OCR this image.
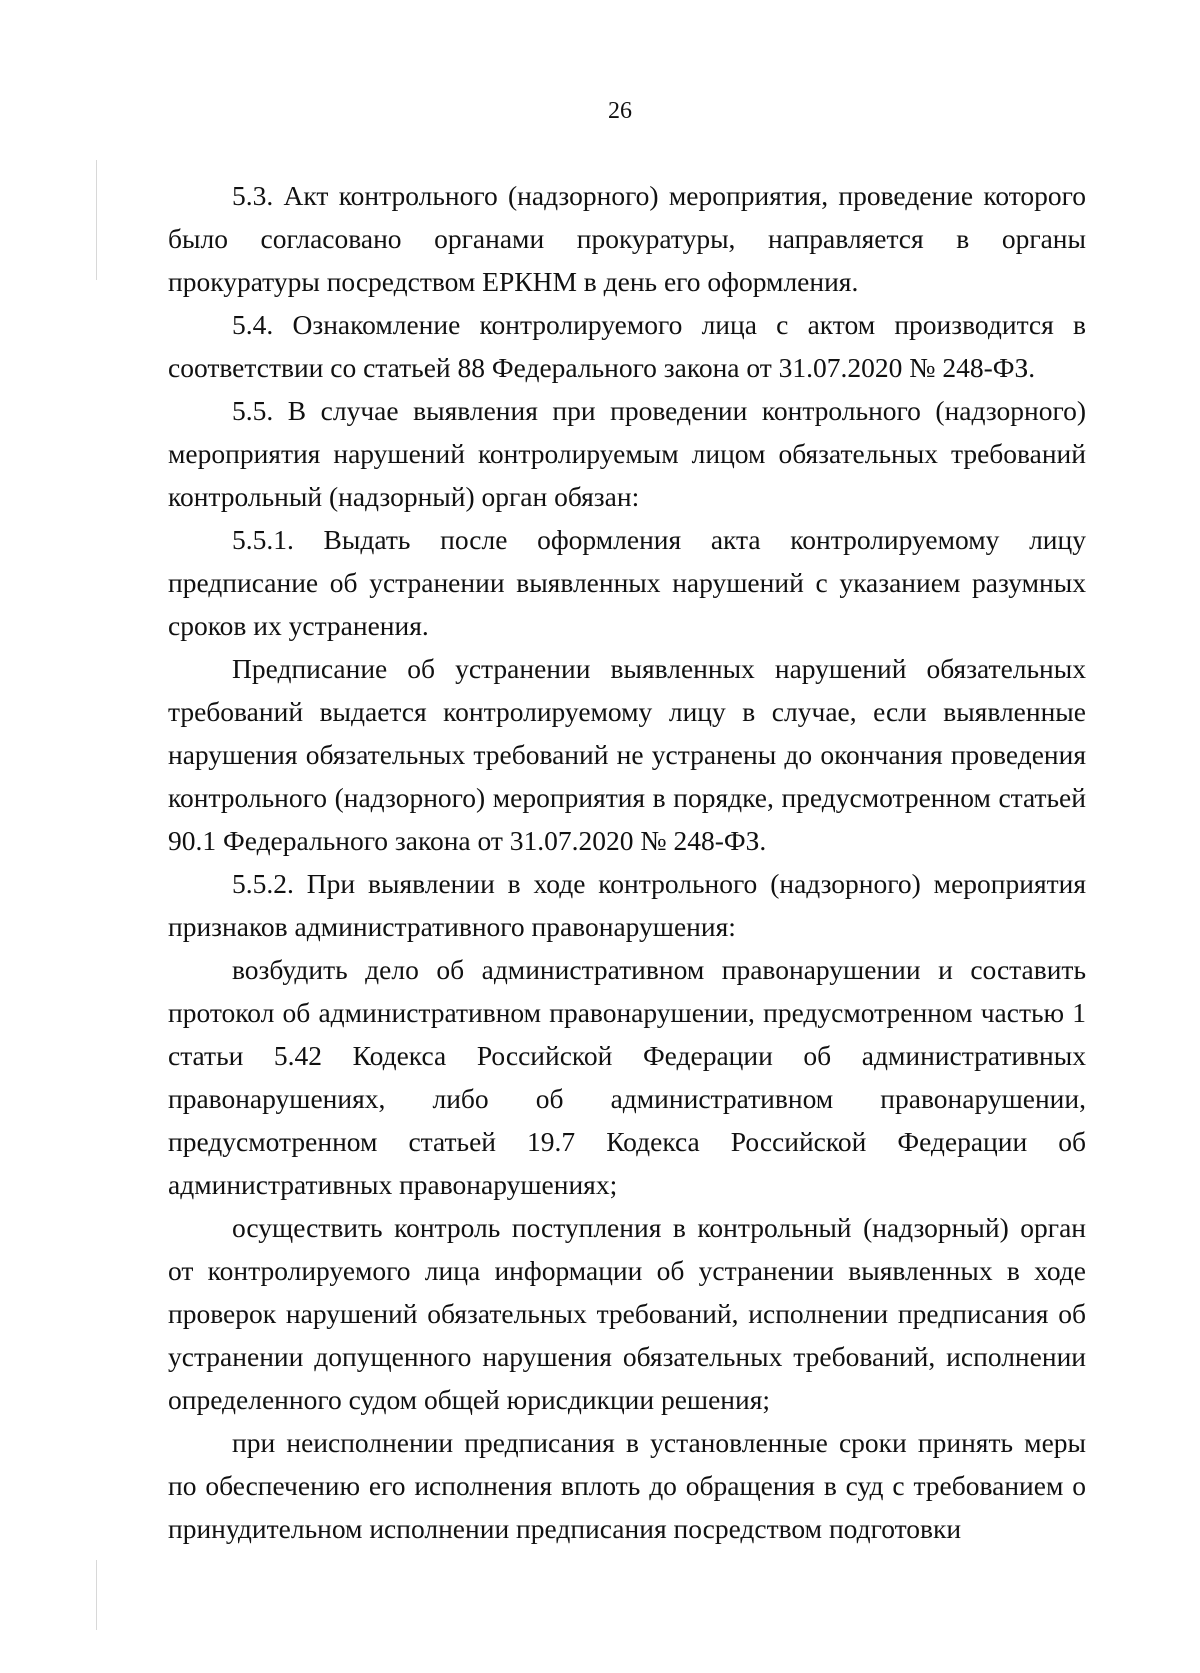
26

5.3. Акт контрольного (надзорного) мероприятия, проведение которого было согласовано органами прокуратуры, направляется в органы прокуратуры посредством ЕРКНМ в день его оформления.

5.4. Ознакомление контролируемого лица с актом производится в соответствии со статьей 88 Федерального закона от 31.07.2020 № 248-ФЗ.

5.5. В случае выявления при проведении контрольного (надзорного) мероприятия нарушений контролируемым лицом обязательных требований контрольный (надзорный) орган обязан:

5.5.1. Выдать после оформления акта контролируемому лицу предписание об устранении выявленных нарушений с указанием разумных сроков их устранения.

Предписание об устранении выявленных нарушений обязательных требований выдается контролируемому лицу в случае, если выявленные нарушения обязательных требований не устранены до окончания проведения контрольного (надзорного) мероприятия в порядке, предусмотренном статьей 90.1 Федерального закона от 31.07.2020 № 248-ФЗ.

5.5.2. При выявлении в ходе контрольного (надзорного) мероприятия признаков административного правонарушения:

возбудить дело об административном правонарушении и составить протокол об административном правонарушении, предусмотренном частью 1 статьи 5.42 Кодекса Российской Федерации об административных правонарушениях, либо об административном правонарушении, предусмотренном статьей 19.7 Кодекса Российской Федерации об административных правонарушениях;

осуществить контроль поступления в контрольный (надзорный) орган от контролируемого лица информации об устранении выявленных в ходе проверок нарушений обязательных требований, исполнении предписания об устранении допущенного нарушения обязательных требований, исполнении определенного судом общей юрисдикции решения;

при неисполнении предписания в установленные сроки принять меры по обеспечению его исполнения вплоть до обращения в суд с требованием о принудительном исполнении предписания посредством подготовки
